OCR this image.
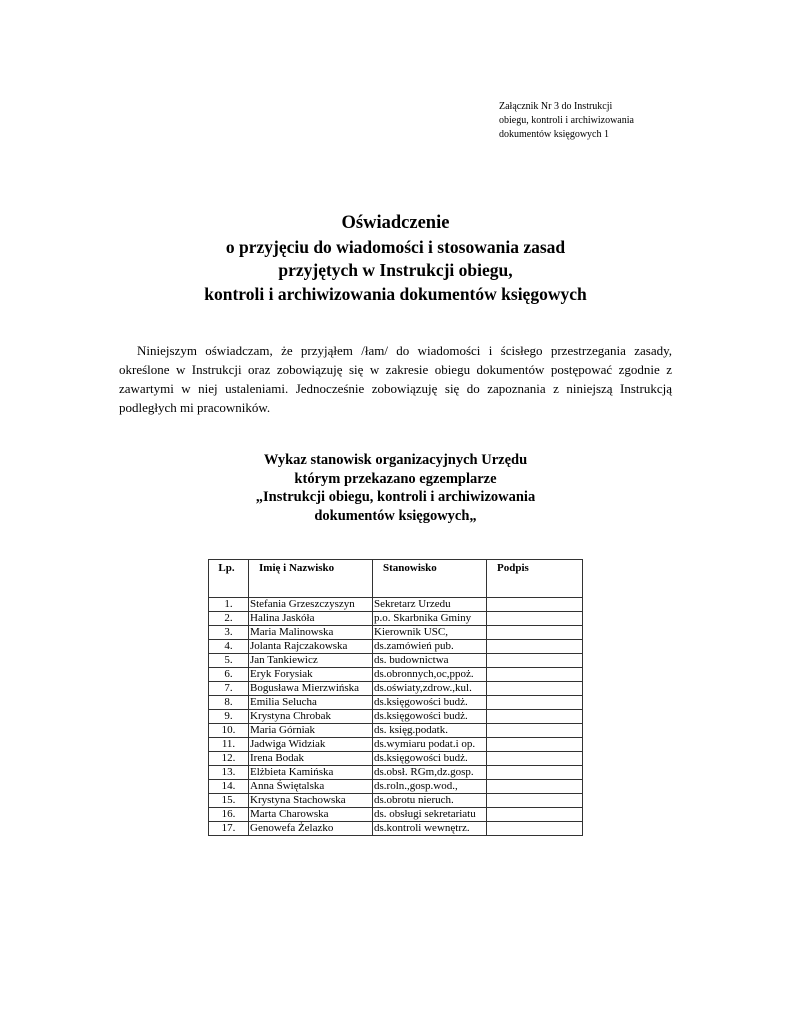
Załącznik Nr 3 do Instrukcji
obiegu, kontroli i archiwizowania
dokumentów księgowych 1
Oświadczenie
o przyjęciu do wiadomości i stosowania zasad
przyjętych w Instrukcji obiegu,
kontroli i archiwizowania dokumentów księgowych
Niniejszym oświadczam, że przyjąłem /łam/ do wiadomości i ścisłego przestrzegania zasady, określone w Instrukcji oraz zobowiązuję się w zakresie obiegu dokumentów postępować zgodnie z zawartymi w niej ustaleniami. Jednocześnie zobowiązuję się do zapoznania z niniejszą Instrukcją podległych mi pracowników.
Wykaz stanowisk organizacyjnych Urzędu
którym przekazano egzemplarze
„Instrukcji obiegu, kontroli i archiwizowania
dokumentów księgowych„
Lp.	Imię i Nazwisko	Stanowisko	Podpis
1.	Stefania Grzeszczyszyn	Sekretarz Urzedu	
2.	Halina Jaskóła	p.o. Skarbnika Gminy	
3.	Maria Malinowska	Kierownik USC,	
4.	Jolanta Rajczakowska	ds.zamówień pub.	
5.	Jan Tankiewicz	ds. budownictwa	
6.	Eryk Forysiak	ds.obronnych,oc,ppoż.	
7.	Bogusława Mierzwińska	ds.oświaty,zdrow.,kul.	
8.	Emilia Selucha	ds.księgowości budż.	
9.	Krystyna Chrobak	ds.księgowości budż.	
10.	Maria Górniak	ds. księg.podatk.	
11.	Jadwiga Widziak	ds.wymiaru podat.i op.	
12.	Irena Bodak	ds.księgowości budż.	
13.	Elżbieta Kamińska	ds.obsł. RGm,dz.gosp.	
14.	Anna Świętalska	ds.roln.,gosp.wod.,	
15.	Krystyna Stachowska	ds.obrotu nieruch.	
16.	Marta Charowska	ds. obsługi sekretariatu	
17.	Genowefa Żelazko	ds.kontroli wewnętrz.	
